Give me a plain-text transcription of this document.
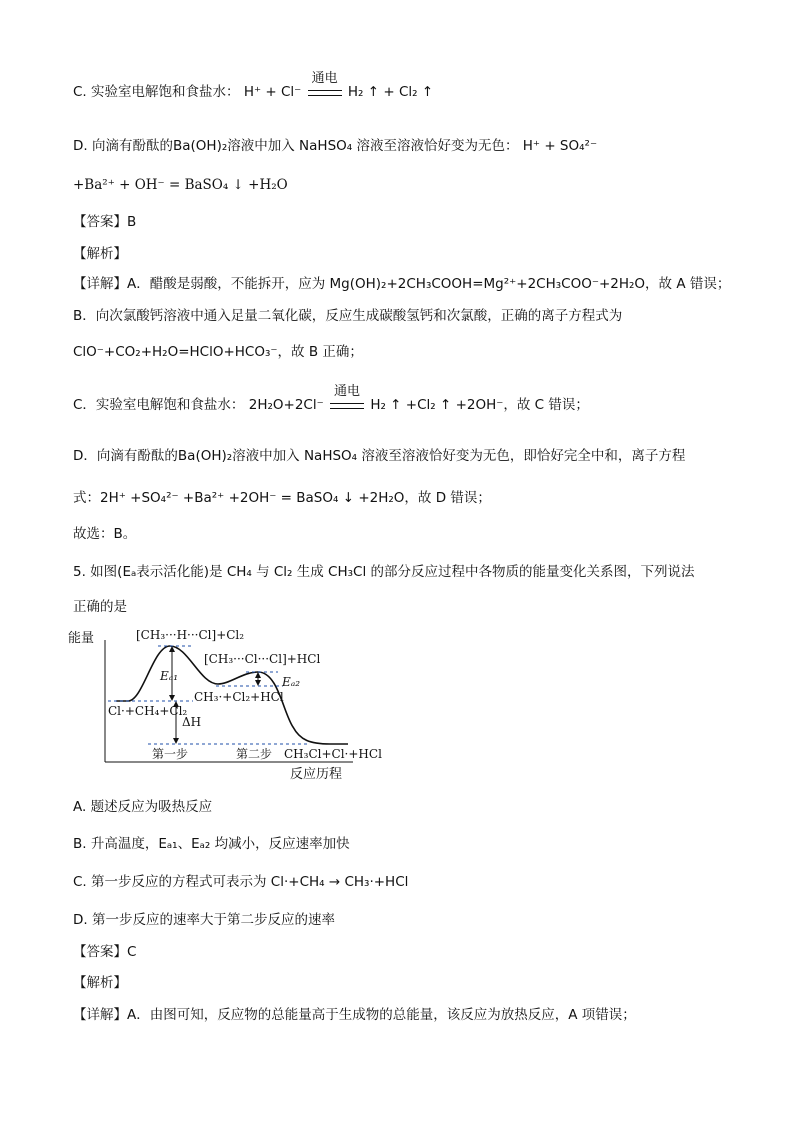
C. 实验室电解饱和食盐水： H⁺ + Cl⁻
通电
H₂ ↑ + Cl₂ ↑
D. 向滴有酚酞的Ba(OH)₂溶液中加入 NaHSO₄ 溶液至溶液恰好变为无色： H⁺ + SO₄²⁻
+Ba²⁺ + OH⁻ = BaSO₄ ↓ +H₂O
【答案】B
【解析】
【详解】A．醋酸是弱酸，不能拆开，应为 Mg(OH)₂+2CH₃COOH=Mg²⁺+2CH₃COO⁻+2H₂O，故 A 错误；
B．向次氯酸钙溶液中通入足量二氧化碳，反应生成碳酸氢钙和次氯酸，正确的离子方程式为
ClO⁻+CO₂+H₂O=HClO+HCO₃⁻，故 B 正确；
C．实验室电解饱和食盐水： 2H₂O+2Cl⁻
通电
H₂ ↑ +Cl₂ ↑ +2OH⁻，故 C 错误；
D．向滴有酚酞的Ba(OH)₂溶液中加入 NaHSO₄ 溶液至溶液恰好变为无色，即恰好完全中和，离子方程
式：2H⁺ +SO₄²⁻ +Ba²⁺ +2OH⁻ = BaSO₄ ↓ +2H₂O，故 D 错误；
故选：B。
5. 如图(Eₐ表示活化能)是 CH₄ 与 Cl₂ 生成 CH₃Cl 的部分反应过程中各物质的能量变化关系图，下列说法
正确的是
能量
反应历程
[CH₃···H···Cl]+Cl₂
[CH₃···Cl···Cl]+HCl
Eₐ₁	Eₐ₂
CH₃·+Cl₂+HCl
Cl·+CH₄+Cl₂
ΔH
第一步	第二步 CH₃Cl+Cl·+HCl
A. 题述反应为吸热反应
B. 升高温度，Eₐ₁、Eₐ₂ 均减小，反应速率加快
C. 第一步反应的方程式可表示为 Cl·+CH₄ → CH₃·+HCl
D. 第一步反应的速率大于第二步反应的速率
【答案】C
【解析】
【详解】A．由图可知，反应物的总能量高于生成物的总能量，该反应为放热反应，A 项错误；
